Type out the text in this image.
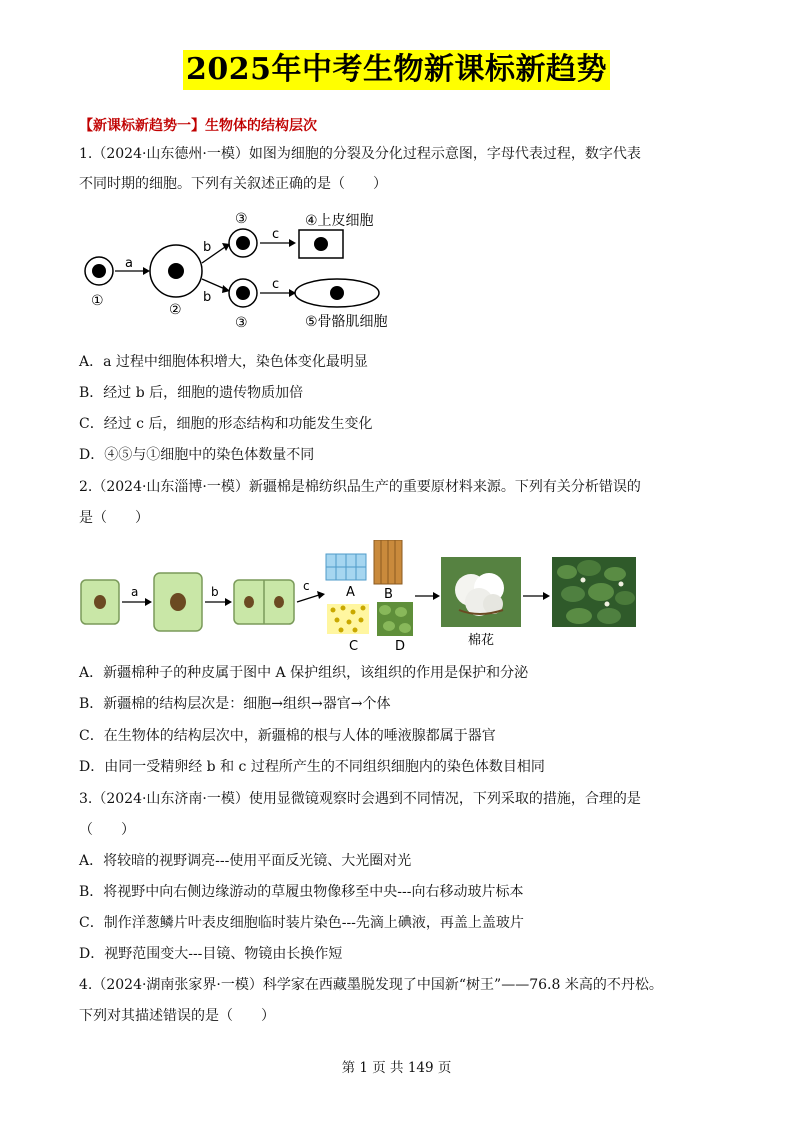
2025年中考生物新课标新趋势
【新课标新趋势一】生物体的结构层次
1.（2024·山东德州·一模）如图为细胞的分裂及分化过程示意图，字母代表过程，数字代表
不同时期的细胞。下列有关叙述正确的是（　　）
a
①
②
b
b
③
③
c
c
④上皮细胞
⑤骨骼肌细胞
A．a 过程中细胞体积增大，染色体变化最明显
B．经过 b 后，细胞的遗传物质加倍
C．经过 c 后，细胞的形态结构和功能发生变化
D．④⑤与①细胞中的染色体数量不同
2.（2024·山东淄博·一模）新疆棉是棉纺织品生产的重要原材料来源。下列有关分析错误的
是（　　）
a	b	c	A B
C	D	棉花
A．新疆棉种子的种皮属于图中 A 保护组织，该组织的作用是保护和分泌
B．新疆棉的结构层次是：细胞→组织→器官→个体
C．在生物体的结构层次中，新疆棉的根与人体的唾液腺都属于器官
D．由同一受精卵经 b 和 c 过程所产生的不同组织细胞内的染色体数目相同
3.（2024·山东济南·一模）使用显微镜观察时会遇到不同情况，下列采取的措施，合理的是
（　　）
A．将较暗的视野调亮---使用平面反光镜、大光圈对光
B．将视野中向右侧边缘游动的草履虫物像移至中央---向右移动玻片标本
C．制作洋葱鳞片叶表皮细胞临时装片染色---先滴上碘液，再盖上盖玻片
D．视野范围变大---目镜、物镜由长换作短
4.（2024·湖南张家界·一模）科学家在西藏墨脱发现了中国新“树王”——76.8 米高的不丹松。
下列对其描述错误的是（　　）
第 1 页 共 149 页
